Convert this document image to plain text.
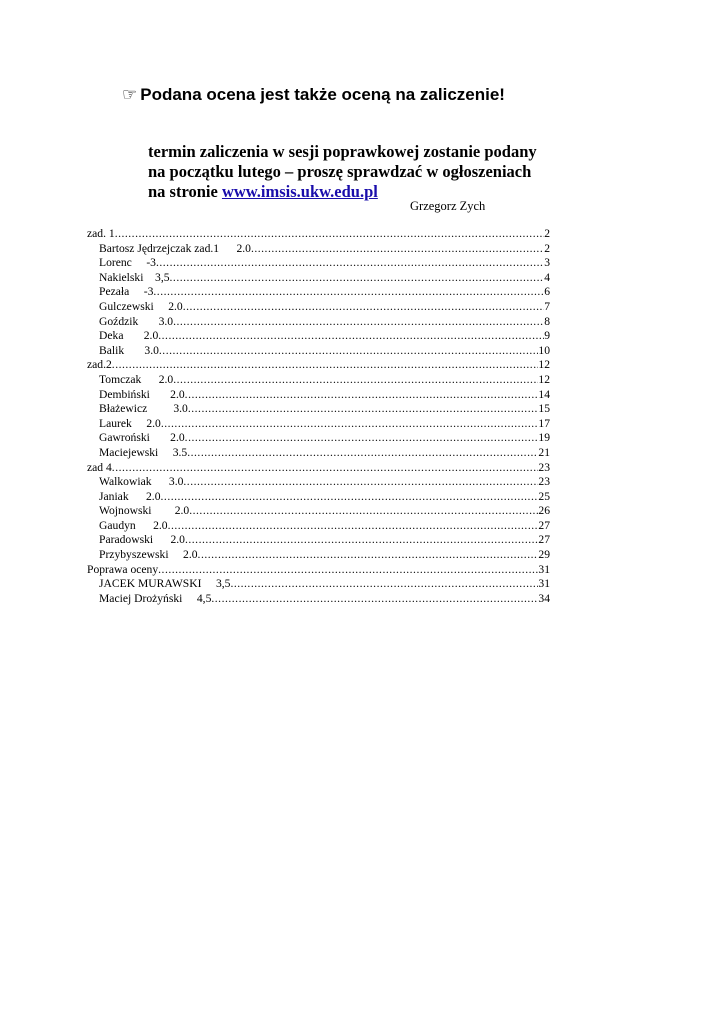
☞ Podana ocena jest także oceną na zaliczenie!
termin zaliczenia w sesji poprawkowej zostanie podany
na początku lutego – proszę sprawdzać w ogłoszeniach
na stronie www.imsis.ukw.edu.pl
Grzegorz Zych
zad. 1 .....	2
Bartosz Jędrzejczak zad.1      2.0 .....	2
Lorenc     -3 .....	3
Nakielski    3,5 .....	4
Pezała     -3 .....	6
Gulczewski     2.0 .....	7
Goździk       3.0 .....	8
Deka       2.0 .....	9
Balik       3.0 .....	10
zad.2 .....	12
Tomczak      2.0 .....	12
Dembiński       2.0 .....	14
Błażewicz         3.0 .....	15
Laurek     2.0 .....	17
Gawroński       2.0 .....	19
Maciejewski     3.5 .....	21
zad 4 .....	23
Walkowiak      3.0 .....	23
Janiak      2.0 .....	25
Wojnowski        2.0 .....	26
Gaudyn      2.0 .....	27
Paradowski      2.0 .....	27
Przybyszewski     2.0 .....	29
Poprawa oceny .....	31
JACEK MURAWSKI     3,5 .....	31
Maciej Drożyński     4,5 .....	34
